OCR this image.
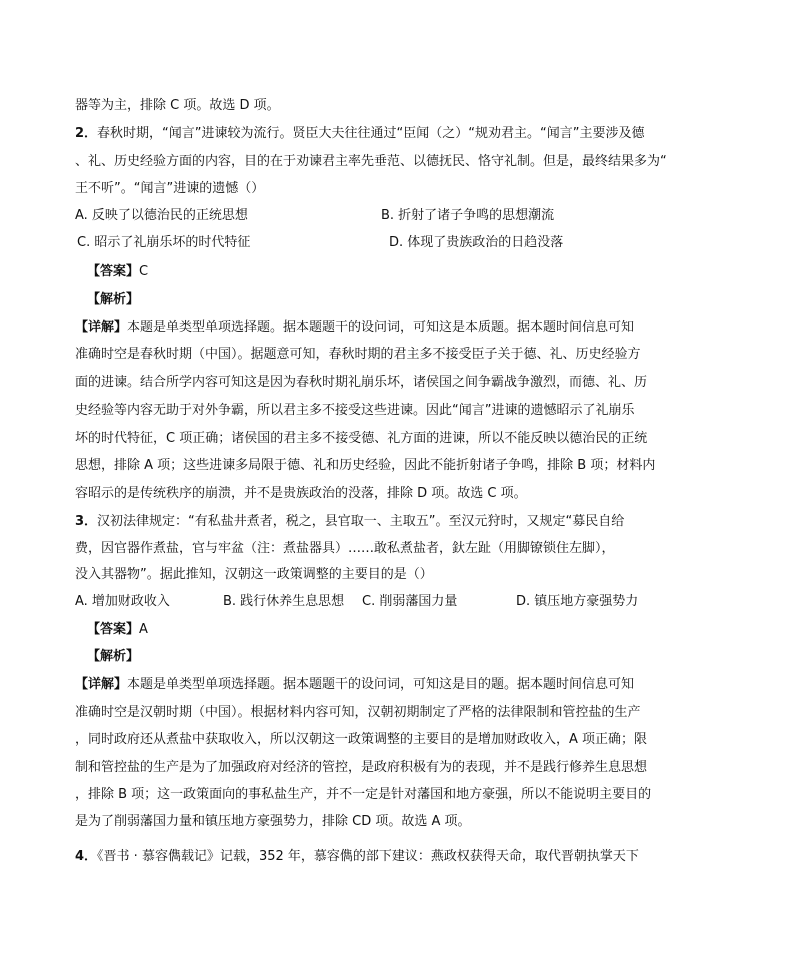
器等为主，排除 C 项。故选 D 项。
2．春秋时期，“闻言”进谏较为流行。贤臣大夫往往通过“臣闻（之）“规劝君主。“闻言”主要涉及德
、礼、历史经验方面的内容，目的在于劝谏君主率先垂范、以德抚民、恪守礼制。但是，最终结果多为“
王不听”。“闻言”进谏的遗憾（）
A. 反映了以德治民的正统思想	B. 折射了诸子争鸣的思想潮流
C. 昭示了礼崩乐坏的时代特征	D. 体现了贵族政治的日趋没落
【答案】C
【解析】
【详解】本题是单类型单项选择题。据本题题干的设问词，可知这是本质题。据本题时间信息可知
准确时空是春秋时期（中国）。据题意可知，春秋时期的君主多不接受臣子关于德、礼、历史经验方
面的进谏。结合所学内容可知这是因为春秋时期礼崩乐坏，诸侯国之间争霸战争激烈，而德、礼、历
史经验等内容无助于对外争霸，所以君主多不接受这些进谏。因此“闻言”进谏的遗憾昭示了礼崩乐
坏的时代特征，C 项正确；诸侯国的君主多不接受德、礼方面的进谏，所以不能反映以德治民的正统
思想，排除 A 项；这些进谏多局限于德、礼和历史经验，因此不能折射诸子争鸣，排除 B 项；材料内
容昭示的是传统秩序的崩溃，并不是贵族政治的没落，排除 D 项。故选 C 项。
3．汉初法律规定：“有私盐井煮者，税之，县官取一、主取五”。至汉元狩时，又规定“募民自给
费，因官器作煮盐，官与牢盆（注：煮盐器具）……敢私煮盐者，釱左趾（用脚镣锁住左脚），
没入其器物”。据此推知，汉朝这一政策调整的主要目的是（）
A. 增加财政收入	B. 践行休养生息思想 C. 削弱藩国力量	D. 镇压地方豪强势力
【答案】A
【解析】
【详解】本题是单类型单项选择题。据本题题干的设问词，可知这是目的题。据本题时间信息可知
准确时空是汉朝时期（中国）。根据材料内容可知，汉朝初期制定了严格的法律限制和管控盐的生产
，同时政府还从煮盐中获取收入，所以汉朝这一政策调整的主要目的是增加财政收入，A 项正确；限
制和管控盐的生产是为了加强政府对经济的管控，是政府积极有为的表现，并不是践行修养生息思想
，排除 B 项；这一政策面向的事私盐生产，并不一定是针对藩国和地方豪强，所以不能说明主要目的
是为了削弱藩国力量和镇压地方豪强势力，排除 CD 项。故选 A 项。
4．《晋书 · 慕容儁载记》记载，352 年，慕容儁的部下建议：燕政权获得天命，取代晋朝执掌天下
